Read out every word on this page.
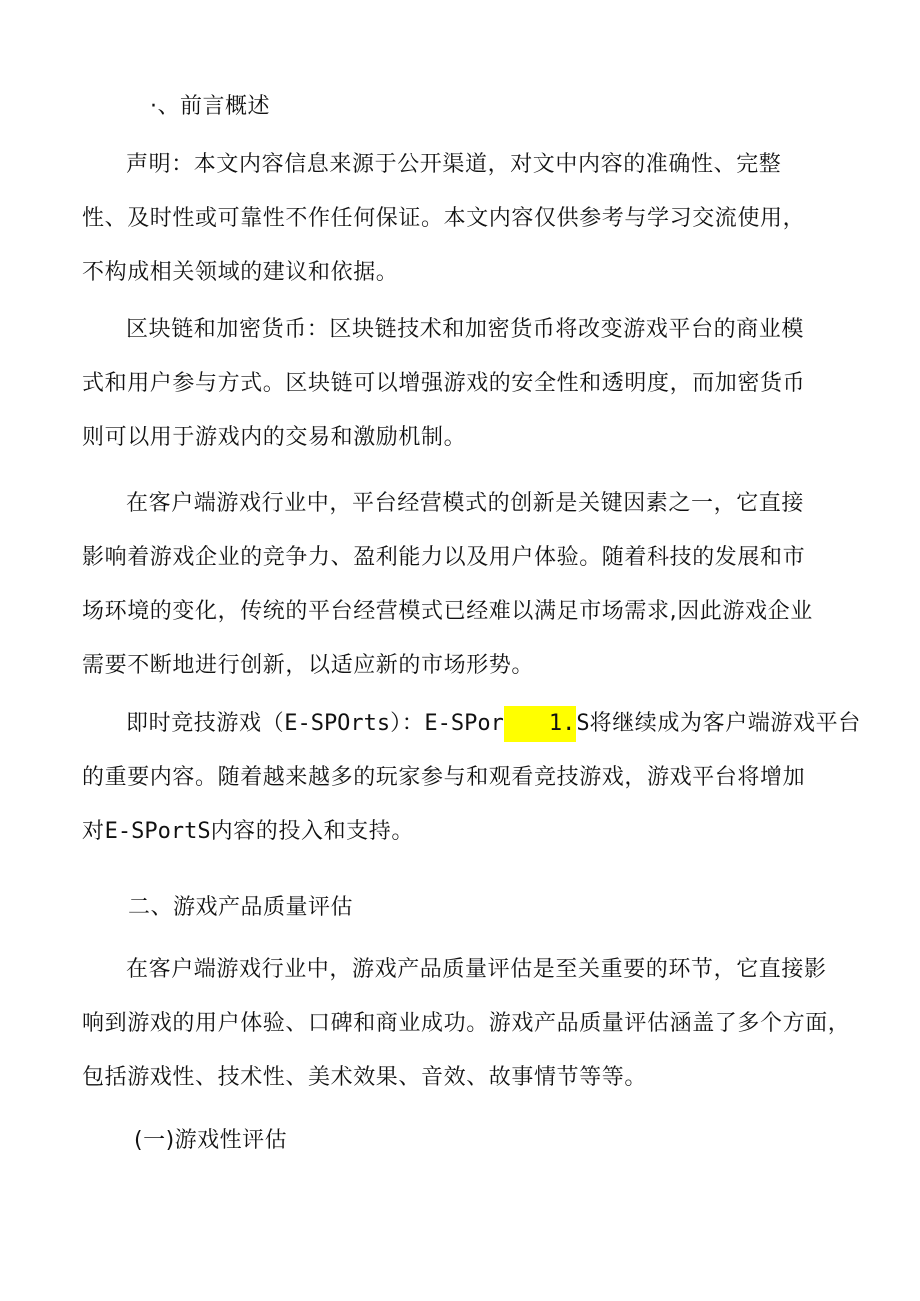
·、前言概述
声明：本文内容信息来源于公开渠道，对文中内容的准确性、完整
性、及时性或可靠性不作任何保证。本文内容仅供参考与学习交流使用，
不构成相关领域的建议和依据。
区块链和加密货币：区块链技术和加密货币将改变游戏平台的商业模
式和用户参与方式。区块链可以增强游戏的安全性和透明度，而加密货币
则可以用于游戏内的交易和激励机制。
在客户端游戏行业中，平台经营模式的创新是关键因素之一，它直接
影响着游戏企业的竞争力、盈利能力以及用户体验。随着科技的发展和市
场环境的变化，传统的平台经营模式已经难以满足市场需求,因此游戏企业
需要不断地进行创新，以适应新的市场形势。
即时竞技游戏（E-SPOrts）：E-SPor 1.S将继续成为客户端游戏平台
的重要内容。随着越来越多的玩家参与和观看竞技游戏，游戏平台将增加
对E-SPortS内容的投入和支持。
二、游戏产品质量评估
在客户端游戏行业中，游戏产品质量评估是至关重要的环节，它直接影
响到游戏的用户体验、口碑和商业成功。游戏产品质量评估涵盖了多个方面，
包括游戏性、技术性、美术效果、音效、故事情节等等。
(一)游戏性评估
